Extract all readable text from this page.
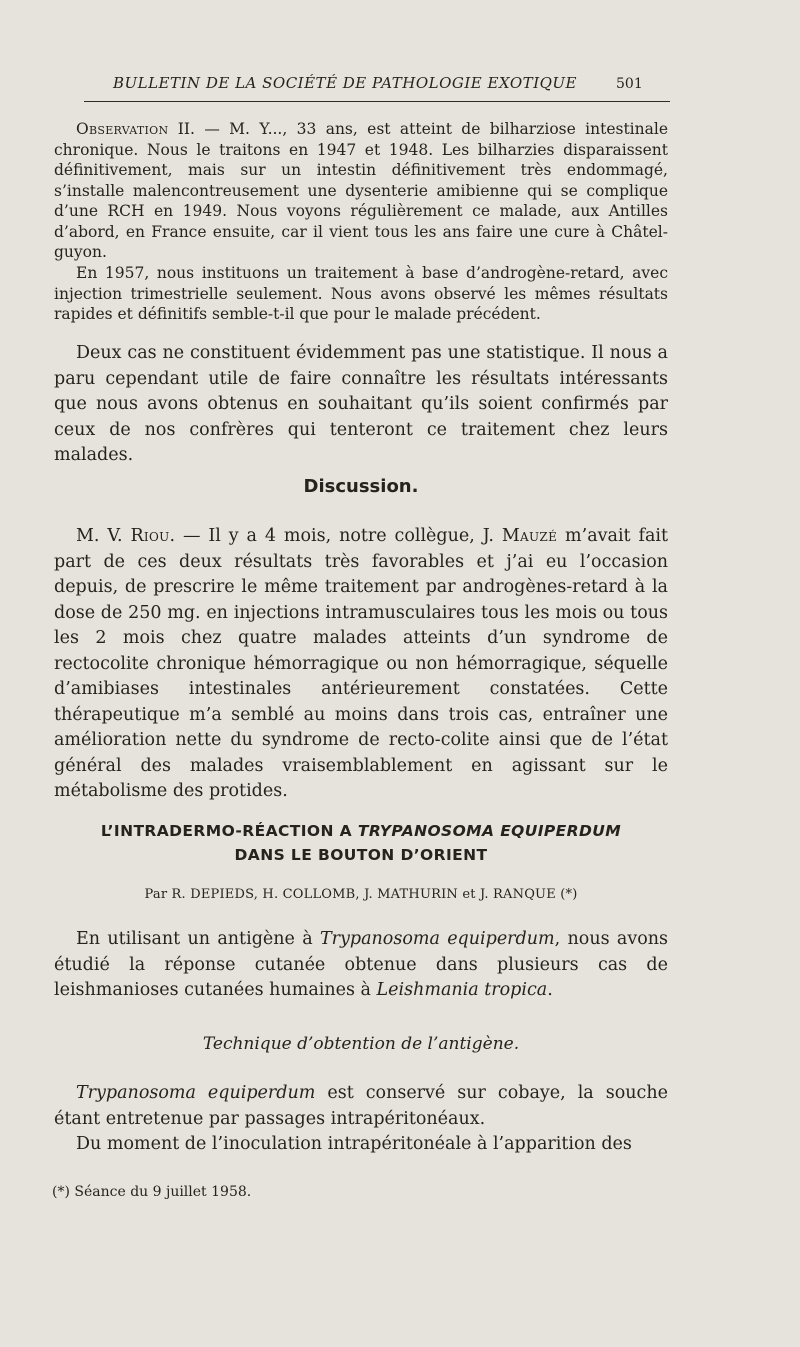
BULLETIN DE LA SOCIÉTÉ DE PATHOLOGIE EXOTIQUE	501

Observation II. — M. Y..., 33 ans, est atteint de bilharziose intestinale chronique. Nous le traitons en 1947 et 1948. Les bilharzies disparaissent définitivement, mais sur un intestin définitivement très endommagé, s’installe malencontreusement une dysenterie amibienne qui se complique d’une RCH en 1949. Nous voyons régulièrement ce malade, aux Antilles d’abord, en France ensuite, car il vient tous les ans faire une cure à Châtel-guyon.

En 1957, nous instituons un traitement à base d’androgène-retard, avec injection trimestrielle seulement. Nous avons observé les mêmes résultats rapides et définitifs semble-t-il que pour le malade précédent.

Deux cas ne constituent évidemment pas une statistique. Il nous a paru cependant utile de faire connaître les résultats intéressants que nous avons obtenus en souhaitant qu’ils soient confirmés par ceux de nos confrères qui tenteront ce traitement chez leurs malades.

Discussion.

M. V. Riou. — Il y a 4 mois, notre collègue, J. Mauzé m’avait fait part de ces deux résultats très favorables et j’ai eu l’occasion depuis, de prescrire le même traitement par androgènes-retard à la dose de 250 mg. en injections intramusculaires tous les mois ou tous les 2 mois chez quatre malades atteints d’un syndrome de rectocolite chronique hémorragique ou non hémorragique, séquelle d’amibiases intestinales antérieurement constatées. Cette thérapeutique m’a semblé au moins dans trois cas, entraîner une amélioration nette du syndrome de recto-colite ainsi que de l’état général des malades vraisemblablement en agissant sur le métabolisme des protides.

L’INTRADERMO-RÉACTION A TRYPANOSOMA EQUIPERDUM
DANS LE BOUTON D’ORIENT
Par R. DEPIEDS, H. COLLOMB, J. MATHURIN et J. RANQUE (*)

En utilisant un antigène à Trypanosoma equiperdum, nous avons étudié la réponse cutanée obtenue dans plusieurs cas de leishmanioses cutanées humaines à Leishmania tropica.

Technique d’obtention de l’antigène.

Trypanosoma equiperdum est conservé sur cobaye, la souche étant entretenue par passages intrapéritonéaux.

Du moment de l’inoculation intrapéritonéale à l’apparition des

(*) Séance du 9 juillet 1958.
